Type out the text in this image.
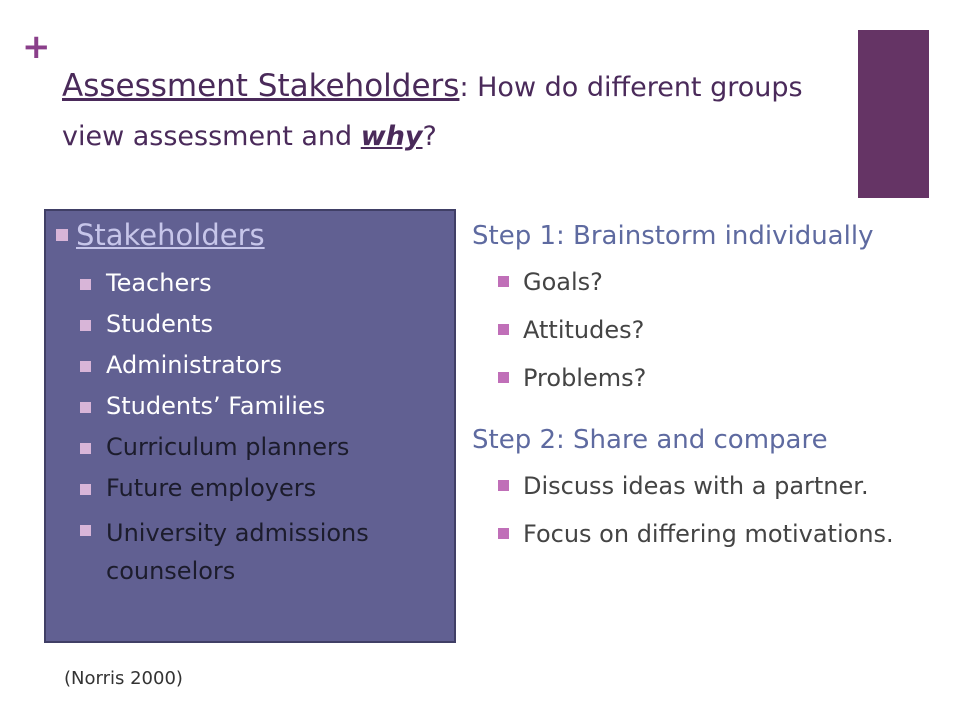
+
Assessment Stakeholders: How do different groups view assessment and why?
Stakeholders
Teachers
Students
Administrators
Students’ Families
Curriculum planners
Future employers
University admissions counselors
Step 1: Brainstorm individually
Goals?
Attitudes?
Problems?
Step 2: Share and compare
Discuss ideas with a partner.
Focus on differing motivations.
(Norris 2000)
